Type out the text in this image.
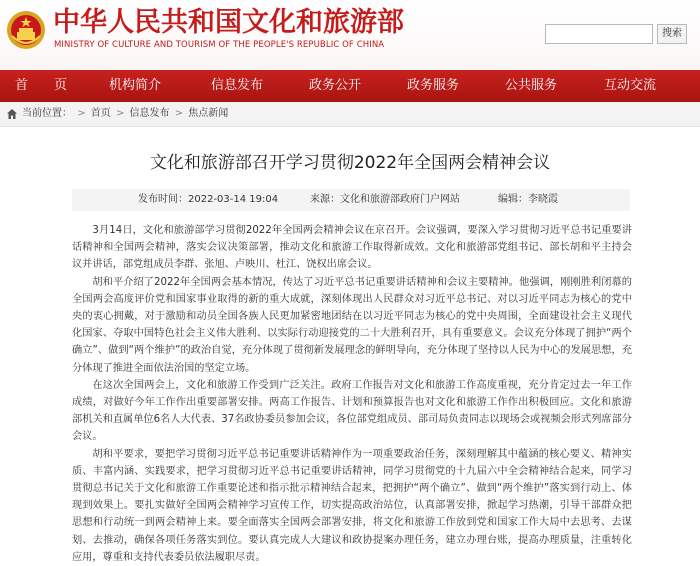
中华人民共和国文化和旅游部
MINISTRY OF CULTURE AND TOURISM OF THE PEOPLE'S REPUBLIC OF CHINA
搜索
首　　页	机构简介	信息发布	政务公开	政务服务	公共服务	互动交流
当前位置： > 首页 > 信息发布 > 焦点新闻
文化和旅游部召开学习贯彻2022年全国两会精神会议
发布时间：2022-03-14 19:04	来源：文化和旅游部政府门户网站	编辑：李晓霞

3月14日，文化和旅游部学习贯彻2022年全国两会精神会议在京召开。会议强调，要深入学习贯彻习近平总书记重要讲话精神和全国两会精神，落实会议决策部署，推动文化和旅游工作取得新成效。文化和旅游部党组书记、部长胡和平主持会议并讲话，部党组成员李群、张旭、卢映川、杜江、饶权出席会议。

胡和平介绍了2022年全国两会基本情况，传达了习近平总书记重要讲话精神和会议主要精神。他强调，刚刚胜利闭幕的全国两会高度评价党和国家事业取得的新的重大成就，深刻体现出人民群众对习近平总书记、对以习近平同志为核心的党中央的衷心拥戴，对于激励和动员全国各族人民更加紧密地团结在以习近平同志为核心的党中央周围，全面建设社会主义现代化国家、夺取中国特色社会主义伟大胜利、以实际行动迎接党的二十大胜利召开，具有重要意义。会议充分体现了拥护“两个确立”、做到“两个维护”的政治自觉，充分体现了贯彻新发展理念的鲜明导向，充分体现了坚持以人民为中心的发展思想，充分体现了推进全面依法治国的坚定立场。

在这次全国两会上，文化和旅游工作受到广泛关注。政府工作报告对文化和旅游工作高度重视，充分肯定过去一年工作成绩，对做好今年工作作出重要部署安排。两高工作报告、计划和预算报告也对文化和旅游工作作出积极回应。文化和旅游部机关和直属单位6名人大代表、37名政协委员参加会议，各位部党组成员、部司局负责同志以现场会或视频会形式列席部分会议。

胡和平要求，要把学习贯彻习近平总书记重要讲话精神作为一项重要政治任务，深刻理解其中蕴涵的核心要义、精神实质、丰富内涵、实践要求，把学习贯彻习近平总书记重要讲话精神，同学习贯彻党的十九届六中全会精神结合起来，同学习贯彻总书记关于文化和旅游工作重要论述和指示批示精神结合起来，把拥护“两个确立”、做到“两个维护”落实到行动上、体现到效果上。要扎实做好全国两会精神学习宣传工作，切实提高政治站位，认真部署安排，掀起学习热潮，引导干部群众把思想和行动统一到两会精神上来。要全面落实全国两会部署安排，将文化和旅游工作放到党和国家工作大局中去思考、去谋划、去推动，确保各项任务落实到位。要认真完成人大建议和政协提案办理任务，建立办理台账，提高办理质量，注重转化应用，尊重和支持代表委员依法履职尽责。
